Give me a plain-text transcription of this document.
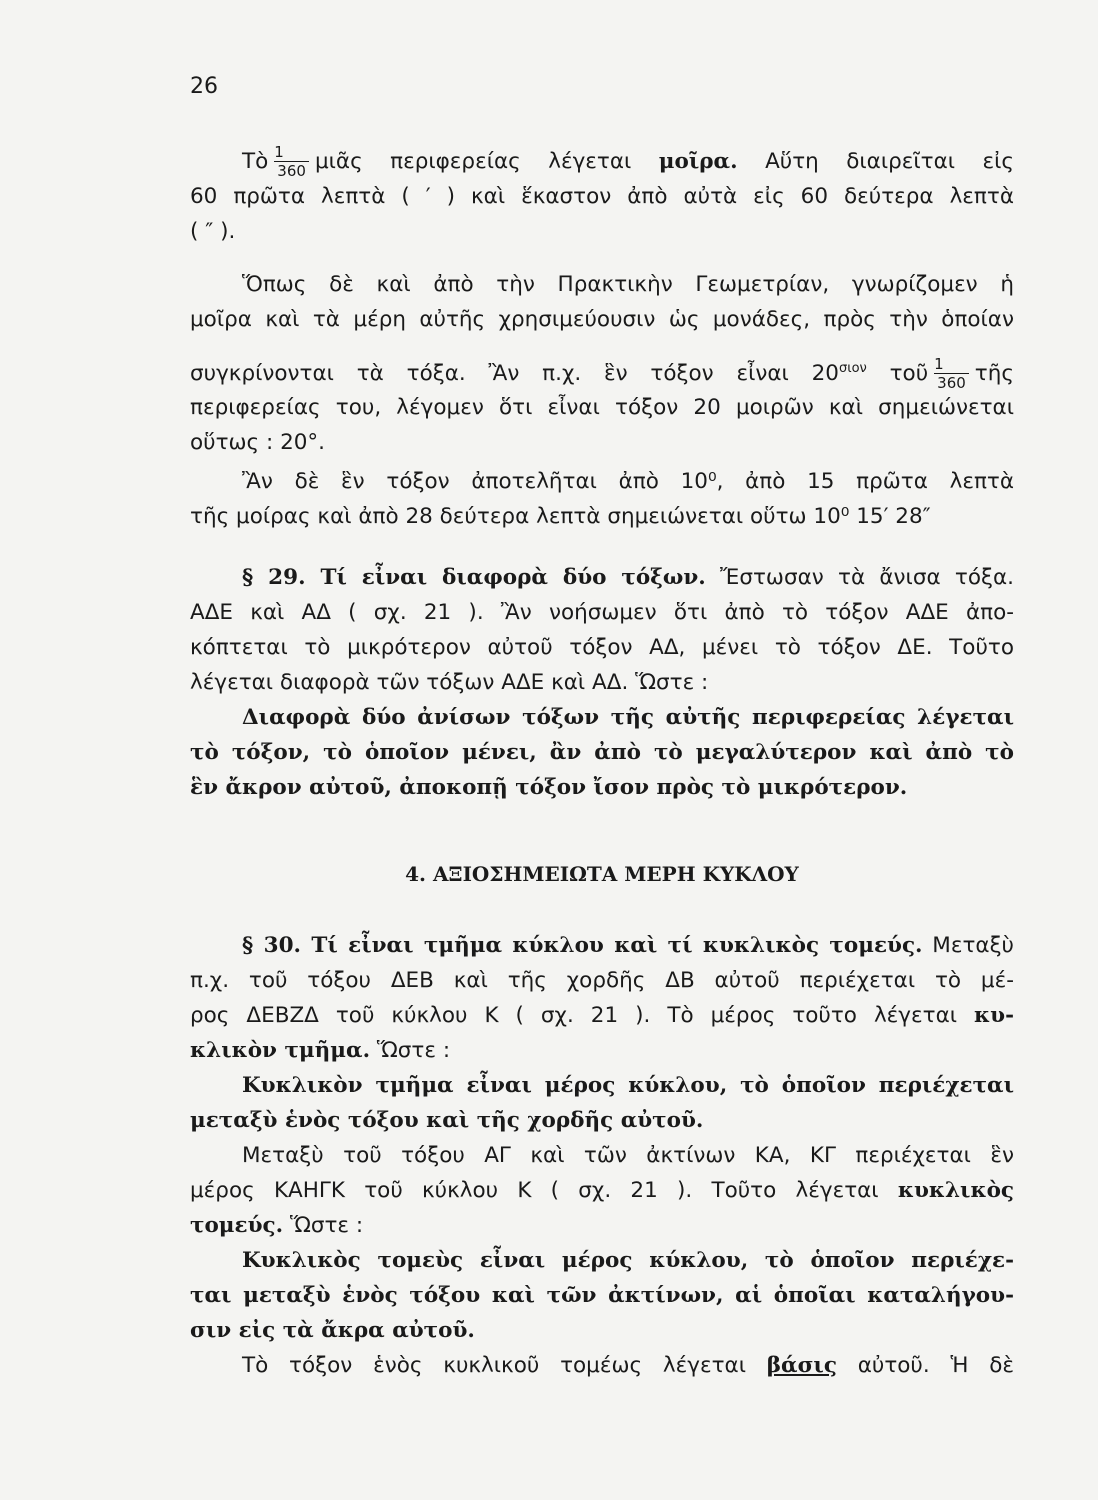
26
Τὸ $\frac{1}{360}$ μιᾶς περιφερείας λέγεται μοῖρα. Αὕτη διαιρεῖται εἰς
60 πρῶτα λεπτὰ ( ′ ) καὶ ἕκαστον ἀπὸ αὐτὰ εἰς 60 δεύτερα λεπτὰ
( ″ ).
Ὅπως δὲ καὶ ἀπὸ τὴν Πρακτικὴν Γεωμετρίαν, γνωρίζομεν ἡ
μοῖρα καὶ τὰ μέρη αὐτῆς χρησιμεύουσιν ὡς μονάδες, πρὸς τὴν ὁποίαν
συγκρίνονται τὰ τόξα. Ἂν π.χ. ἓν τόξον εἶναι $20^{\sigma\iota o\nu}$ τοῦ $\frac{1}{360}$ τῆς
περιφερείας του, λέγομεν ὅτι εἶναι τόξον 20 μοιρῶν καὶ σημειώνεται
οὕτως : 20°.
Ἂν δὲ ἓν τόξον ἀποτελῆται ἀπὸ 10⁰, ἀπὸ 15 πρῶτα λεπτὰ
τῆς μοίρας καὶ ἀπὸ 28 δεύτερα λεπτὰ σημειώνεται οὕτω 10⁰ 15′ 28″
§ 29. Τί εἶναι διαφορὰ δύο τόξων. Ἔστωσαν τὰ ἄνισα τόξα.
ΑΔΕ καὶ ΑΔ ( σχ. 21 ). Ἂν νοήσωμεν ὅτι ἀπὸ τὸ τόξον ΑΔΕ ἀπο-
κόπτεται τὸ μικρότερον αὐτοῦ τόξον ΑΔ, μένει τὸ τόξον ΔΕ. Τοῦτο
λέγεται διαφορὰ τῶν τόξων ΑΔΕ καὶ ΑΔ. Ὥστε :
Διαφορὰ δύο ἀνίσων τόξων τῆς αὐτῆς περιφερείας λέγεται
τὸ τόξον, τὸ ὁποῖον μένει, ἂν ἀπὸ τὸ μεγαλύτερον καὶ ἀπὸ τὸ
ἓν ἄκρον αὐτοῦ, ἀποκοπῇ τόξον ἴσον πρὸς τὸ μικρότερον.
4. ΑΞΙΟΣΗΜΕΙΩΤΑ ΜΕΡΗ ΚΥΚΛΟΥ
§ 30. Τί εἶναι τμῆμα κύκλου καὶ τί κυκλικὸς τομεύς. Μεταξὺ
π.χ. τοῦ τόξου ΔΕΒ καὶ τῆς χορδῆς ΔΒ αὐτοῦ περιέχεται τὸ μέ-
ρος ΔΕΒΖΔ τοῦ κύκλου Κ ( σχ. 21 ). Τὸ μέρος τοῦτο λέγεται κυ-
κλικὸν τμῆμα. Ὥστε :
Κυκλικὸν τμῆμα εἶναι μέρος κύκλου, τὸ ὁποῖον περιέχεται
μεταξὺ ἑνὸς τόξου καὶ τῆς χορδῆς αὐτοῦ.
Μεταξὺ τοῦ τόξου ΑΓ καὶ τῶν ἀκτίνων ΚΑ, ΚΓ περιέχεται ἓν
μέρος ΚΑΗΓΚ τοῦ κύκλου Κ ( σχ. 21 ). Τοῦτο λέγεται κυκλικὸς
τομεύς. Ὥστε :
Κυκλικὸς τομεὺς εἶναι μέρος κύκλου, τὸ ὁποῖον περιέχε-
ται μεταξὺ ἑνὸς τόξου καὶ τῶν ἀκτίνων, αἱ ὁποῖαι καταλήγου-
σιν εἰς τὰ ἄκρα αὐτοῦ.
Τὸ τόξον ἑνὸς κυκλικοῦ τομέως λέγεται βάσις αὐτοῦ. Ἡ δὲ
